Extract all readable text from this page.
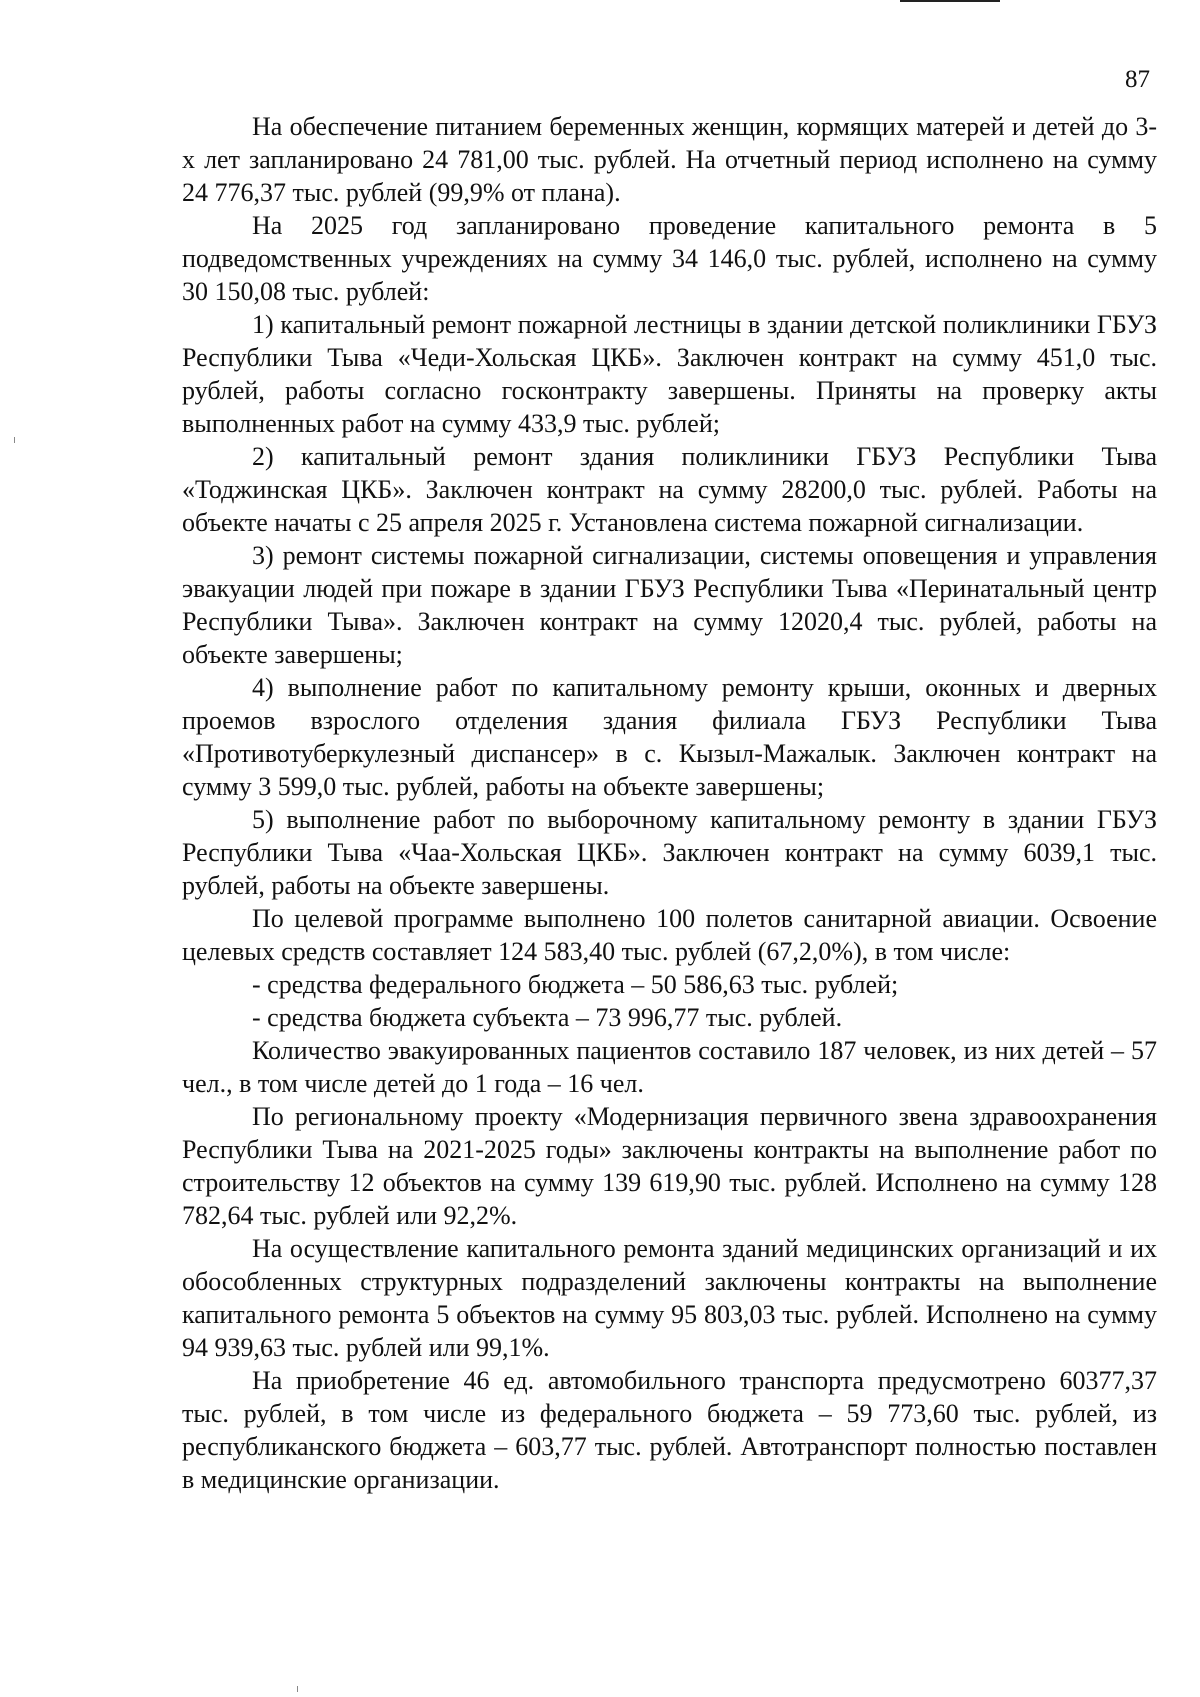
87

На обеспечение питанием беременных женщин, кормящих матерей и детей до 3-х лет запланировано 24 781,00 тыс. рублей. На отчетный период исполнено на сумму 24 776,37 тыс. рублей (99,9% от плана).

На 2025 год запланировано проведение капитального ремонта в 5 подведомственных учреждениях на сумму 34 146,0 тыс. рублей, исполнено на сумму 30 150,08 тыс. рублей:

1) капитальный ремонт пожарной лестницы в здании детской поликлиники ГБУЗ Республики Тыва «Чеди-Хольская ЦКБ». Заключен контракт на сумму 451,0 тыс. рублей, работы согласно госконтракту завершены. Приняты на проверку акты выполненных работ на сумму 433,9 тыс. рублей;

2) капитальный ремонт здания поликлиники ГБУЗ Республики Тыва «Тоджинская ЦКБ». Заключен контракт на сумму 28200,0 тыс. рублей. Работы на объекте начаты с 25 апреля 2025 г. Установлена система пожарной сигнализации.

3) ремонт системы пожарной сигнализации, системы оповещения и управления эвакуации людей при пожаре в здании ГБУЗ Республики Тыва «Перинатальный центр Республики Тыва». Заключен контракт на сумму 12020,4 тыс. рублей, работы на объекте завершены;

4) выполнение работ по капитальному ремонту крыши, оконных и дверных проемов взрослого отделения здания филиала ГБУЗ Республики Тыва «Противотуберкулезный диспансер» в с. Кызыл-Мажалык. Заключен контракт на сумму 3 599,0 тыс. рублей, работы на объекте завершены;

5) выполнение работ по выборочному капитальному ремонту в здании ГБУЗ Республики Тыва «Чаа-Хольская ЦКБ». Заключен контракт на сумму 6039,1 тыс. рублей, работы на объекте завершены.

По целевой программе выполнено 100 полетов санитарной авиации. Освоение целевых средств составляет 124 583,40 тыс. рублей (67,2,0%), в том числе:

- средства федерального бюджета – 50 586,63 тыс. рублей;

- средства бюджета субъекта – 73 996,77 тыс. рублей.

Количество эвакуированных пациентов составило 187 человек, из них детей – 57 чел., в том числе детей до 1 года – 16 чел.

По региональному проекту «Модернизация первичного звена здравоохранения Республики Тыва на 2021-2025 годы» заключены контракты на выполнение работ по строительству 12 объектов на сумму 139 619,90 тыс. рублей. Исполнено на сумму 128 782,64 тыс. рублей или 92,2%.

На осуществление капитального ремонта зданий медицинских организаций и их обособленных структурных подразделений заключены контракты на выполнение капитального ремонта 5 объектов на сумму 95 803,03 тыс. рублей. Исполнено на сумму 94 939,63 тыс. рублей или 99,1%.

На приобретение 46 ед. автомобильного транспорта предусмотрено 60377,37 тыс. рублей, в том числе из федерального бюджета – 59 773,60 тыс. рублей, из республиканского бюджета – 603,77 тыс. рублей. Автотранспорт полностью поставлен в медицинские организации.
